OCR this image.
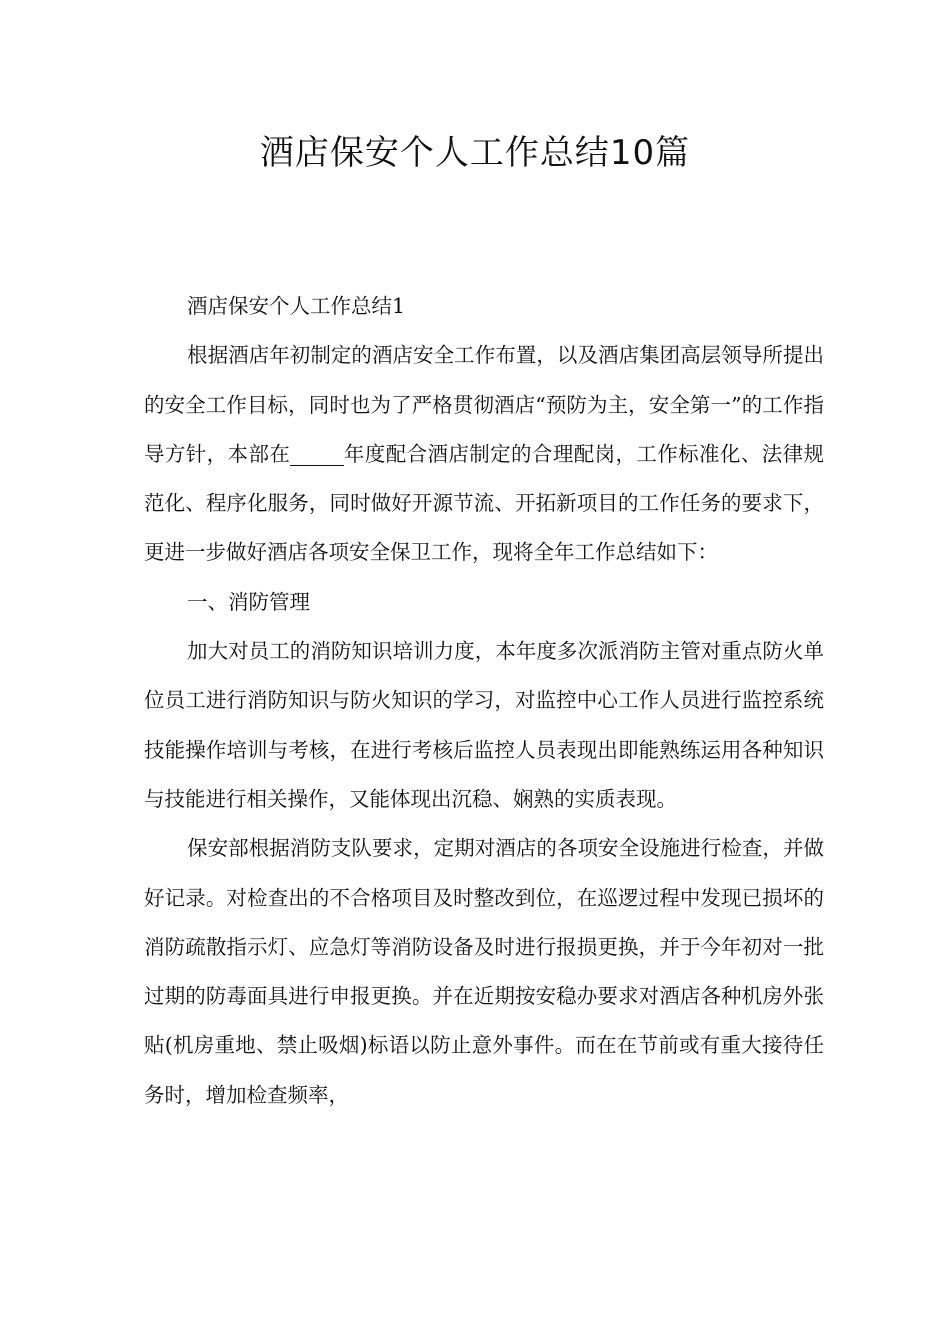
酒店保安个人工作总结10篇

酒店保安个人工作总结1

根据酒店年初制定的酒店安全工作布置，以及酒店集团高层领导所提出的安全工作目标，同时也为了严格贯彻酒店“预防为主，安全第一”的工作指导方针，本部在	年度配合酒店制定的合理配岗，工作标准化、法律规范化、程序化服务，同时做好开源节流、开拓新项目的工作任务的要求下，更进一步做好酒店各项安全保卫工作，现将全年工作总结如下：

一、消防管理

加大对员工的消防知识培训力度，本年度多次派消防主管对重点防火单位员工进行消防知识与防火知识的学习，对监控中心工作人员进行监控系统技能操作培训与考核，在进行考核后监控人员表现出即能熟练运用各种知识与技能进行相关操作，又能体现出沉稳、娴熟的实质表现。

保安部根据消防支队要求，定期对酒店的各项安全设施进行检查，并做好记录。对检查出的不合格项目及时整改到位，在巡逻过程中发现已损坏的消防疏散指示灯、应急灯等消防设备及时进行报损更换，并于今年初对一批过期的防毒面具进行申报更换。并在近期按安稳办要求对酒店各种机房外张贴(机房重地、禁止吸烟)标语以防止意外事件。而在在节前或有重大接待任务时，增加检查频率，
